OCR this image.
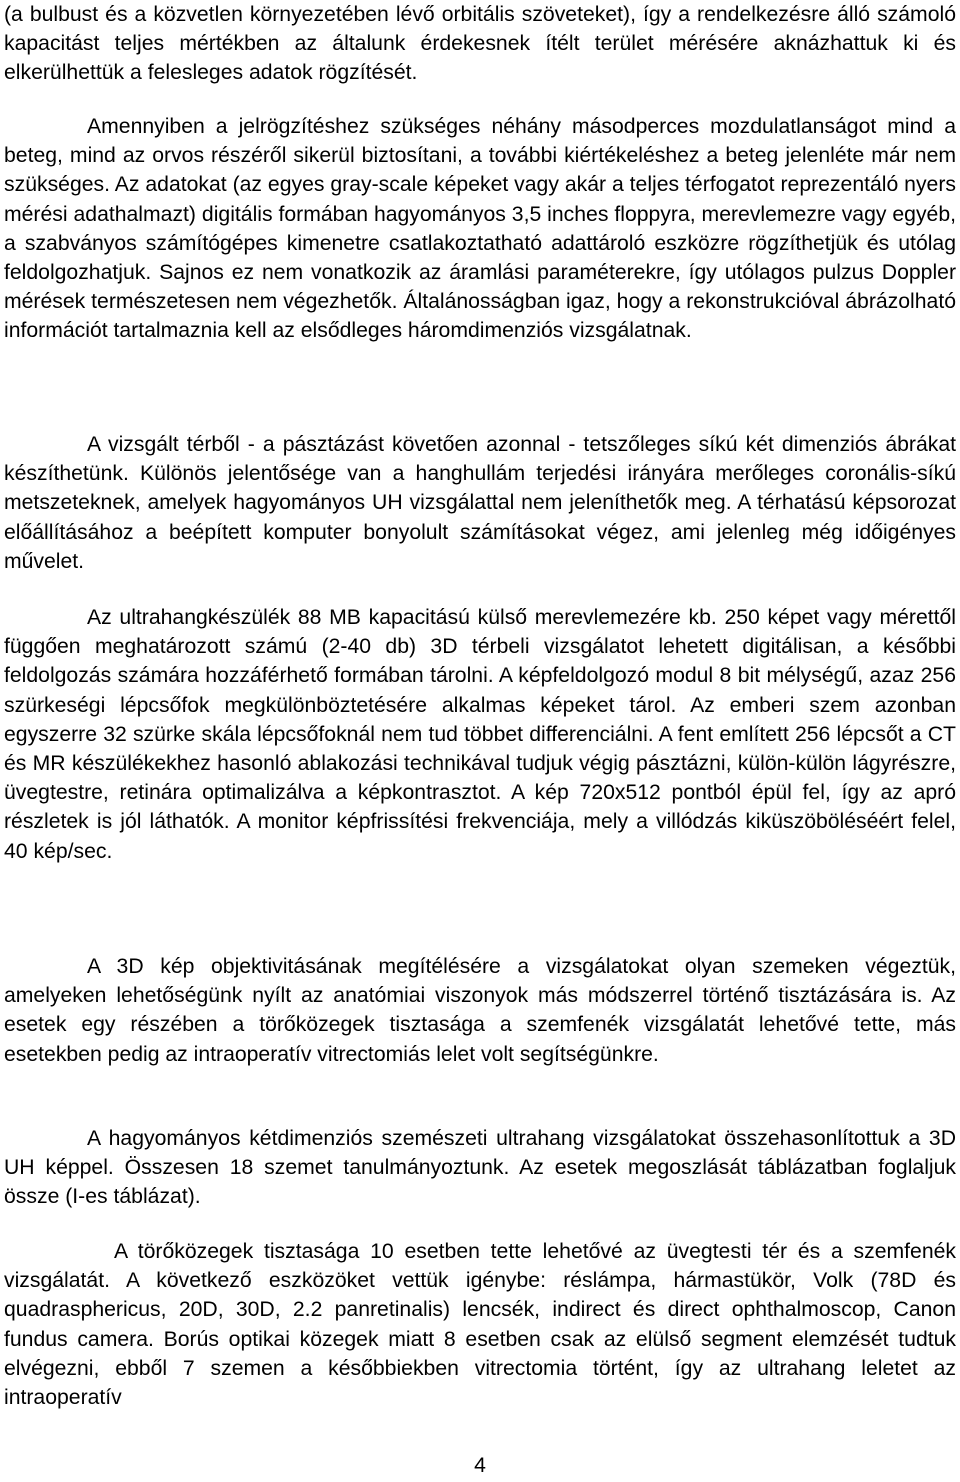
(a bulbust és a közvetlen környezetében lévő orbitális szöveteket), így a rendelkezésre álló számoló kapacitást teljes mértékben az általunk érdekesnek ítélt terület mérésére aknázhattuk ki és elkerülhettük a felesleges adatok rögzítését.

Amennyiben a jelrögzítéshez szükséges néhány másodperces mozdulatlanságot mind a beteg, mind az orvos részéről sikerül biztosítani, a további kiértékeléshez a beteg jelenléte már nem szükséges. Az adatokat (az egyes gray-scale képeket vagy akár a teljes térfogatot reprezentáló nyers mérési adathalmazt) digitális formában hagyományos 3,5 inches floppyra, merevlemezre vagy egyéb, a szabványos számítógépes kimenetre csatlakoztatható adattároló eszközre rögzíthetjük és utólag feldolgozhatjuk. Sajnos ez nem vonatkozik az áramlási paraméterekre, így utólagos pulzus Doppler mérések természetesen nem végezhetők. Általánosságban igaz, hogy a rekonstrukcióval ábrázolható információt tartalmaznia kell az elsődleges háromdimenziós vizsgálatnak.

A vizsgált térből - a pásztázást követően azonnal - tetszőleges síkú két dimenziós ábrákat készíthetünk. Különös jelentősége van a hanghullám terjedési irányára merőleges coronális-síkú metszeteknek, amelyek hagyományos UH vizsgálattal nem jeleníthetők meg. A térhatású képsorozat előállításához a beépített komputer bonyolult számításokat végez, ami jelenleg még időigényes művelet.

Az ultrahangkészülék 88 MB kapacitású külső merevlemezére kb. 250 képet vagy mérettől függően meghatározott számú (2-40 db) 3D térbeli vizsgálatot lehetett digitálisan, a későbbi feldolgozás számára hozzáférhető formában tárolni. A képfeldolgozó modul 8 bit mélységű, azaz 256 szürkeségi lépcsőfok megkülönböztetésére alkalmas képeket tárol. Az emberi szem azonban egyszerre 32 szürke skála lépcsőfoknál nem tud többet differenciálni. A fent említett 256 lépcsőt a CT és MR készülékekhez hasonló ablakozási technikával tudjuk végig pásztázni, külön-külön lágyrészre, üvegtestre, retinára optimalizálva a képkontrasztot. A kép 720x512 pontból épül fel, így az apró részletek is jól láthatók. A monitor képfrissítési frekvenciája, mely a villódzás kiküszöböléséért felel, 40 kép/sec.

A 3D kép objektivitásának megítélésére a vizsgálatokat olyan szemeken végeztük, amelyeken lehetőségünk nyílt az anatómiai viszonyok más módszerrel történő tisztázására is. Az esetek egy részében a törőközegek tisztasága a szemfenék vizsgálatát lehetővé tette, más esetekben pedig az intraoperatív vitrectomiás lelet volt segítségünkre.

A hagyományos kétdimenziós szemészeti ultrahang vizsgálatokat összehasonlítottuk a 3D UH képpel. Összesen 18 szemet tanulmányoztunk. Az esetek megoszlását táblázatban foglaljuk össze (I-es táblázat).

A törőközegek tisztasága 10 esetben tette lehetővé az üvegtesti tér és a szemfenék vizsgálatát. A következő eszközöket vettük igénybe: réslámpa, hármastükör, Volk (78D és quadrasphericus, 20D, 30D, 2.2 panretinalis) lencsék, indirect és direct ophthalmoscop, Canon fundus camera. Borús optikai közegek miatt 8 esetben csak az elülső segment elemzését tudtuk elvégezni, ebből 7 szemen a későbbiekben vitrectomia történt, így az ultrahang leletet az intraoperatív

4
